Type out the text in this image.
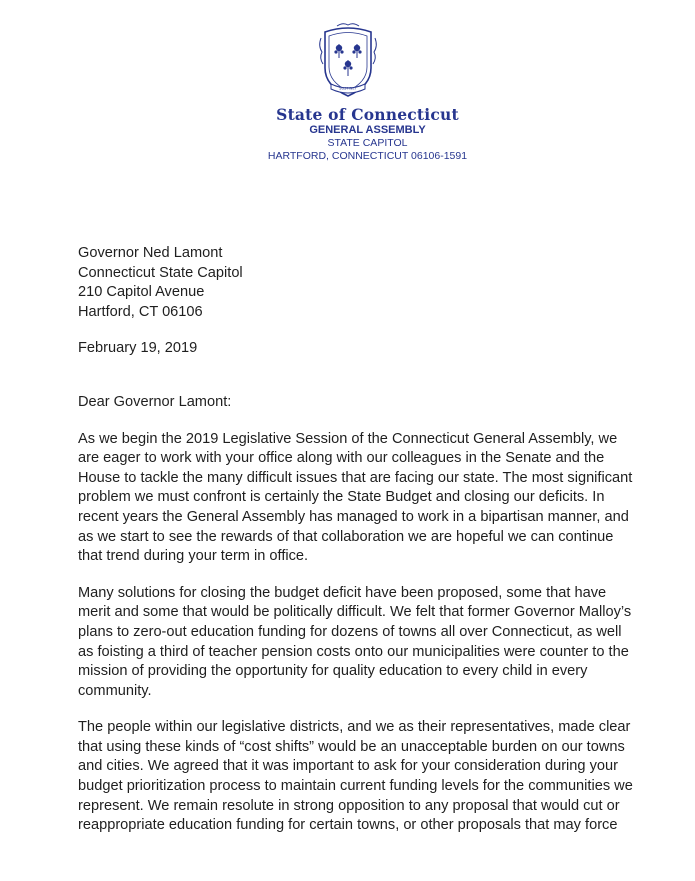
SUSTINET
State of Connecticut
GENERAL ASSEMBLY
STATE CAPITOL
HARTFORD, CONNECTICUT 06106-1591
Governor Ned Lamont
Connecticut State Capitol
210 Capitol Avenue
Hartford, CT 06106
February 19, 2019
Dear Governor Lamont:
As we begin the 2019 Legislative Session of the Connecticut General Assembly, we are eager to work with your office along with our colleagues in the Senate and the House to tackle the many difficult issues that are facing our state. The most significant problem we must confront is certainly the State Budget and closing our deficits. In recent years the General Assembly has managed to work in a bipartisan manner, and as we start to see the rewards of that collaboration we are hopeful we can continue that trend during your term in office.
Many solutions for closing the budget deficit have been proposed, some that have merit and some that would be politically difficult. We felt that former Governor Malloy’s plans to zero-out education funding for dozens of towns all over Connecticut, as well as foisting a third of teacher pension costs onto our municipalities were counter to the mission of providing the opportunity for quality education to every child in every community.
The people within our legislative districts, and we as their representatives, made clear that using these kinds of “cost shifts” would be an unacceptable burden on our towns and cities. We agreed that it was important to ask for your consideration during your budget prioritization process to maintain current funding levels for the communities we represent. We remain resolute in strong opposition to any proposal that would cut or reappropriate education funding for certain towns, or other proposals that may force
